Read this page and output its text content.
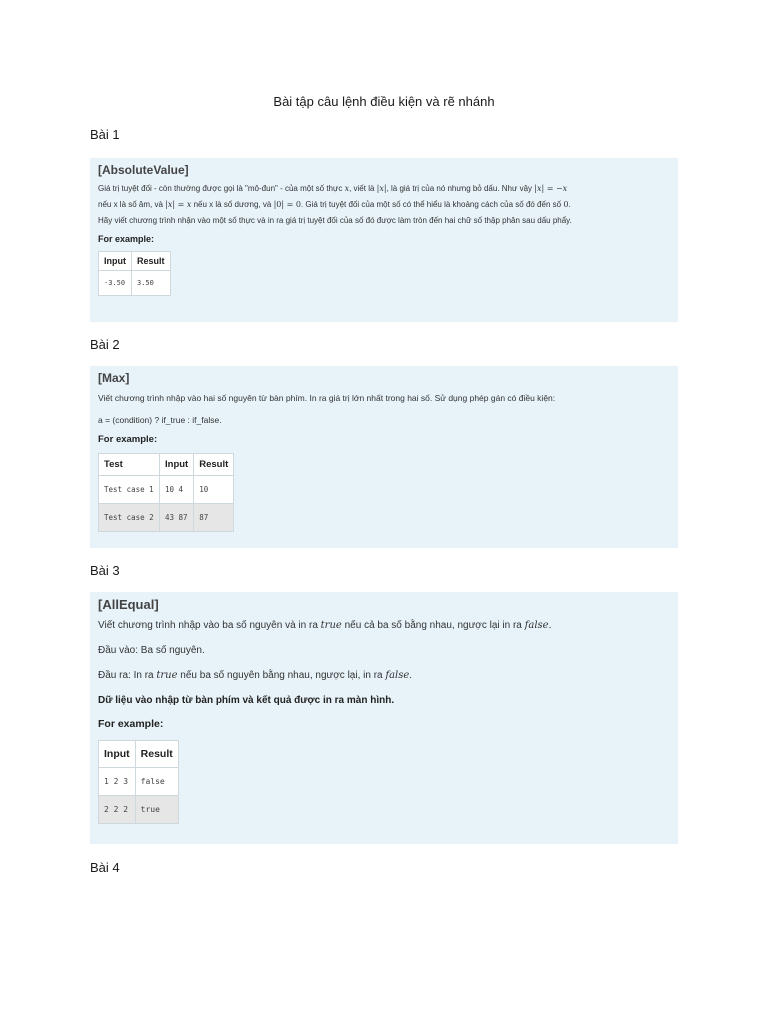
Bài tập câu lệnh điều kiện và rẽ nhánh
Bài 1
[AbsoluteValue]

Giá trị tuyệt đối - còn thường được gọi là "mô-đun" - của một số thực x, viết là |x|, là giá trị của nó nhưng bỏ dấu. Như vậy |x| = −x

nếu x là số âm, và |x| = x nếu x là số dương, và |0| = 0. Giá trị tuyệt đối của một số có thể hiểu là khoảng cách của số đó đến số 0.

Hãy viết chương trình nhận vào một số thực và in ra giá trị tuyệt đối của số đó được làm tròn đến hai chữ số thập phân sau dấu phẩy.

For example:
Input	Result
-3.50	3.50
Bài 2
[Max]

Viết chương trình nhập vào hai số nguyên từ bàn phím. In ra giá trị lớn nhất trong hai số. Sử dụng phép gán có điều kiện:

a = (condition) ? if_true : if_false.

For example:
Test	Input	Result
Test case 1	10 4	10
Test case 2	43 87	87
Bài 3
[AllEqual]

Viết chương trình nhập vào ba số nguyên và in ra true nếu cả ba số bằng nhau, ngược lại in ra false.

Đầu vào: Ba số nguyên.

Đầu ra: In ra true nếu ba số nguyên bằng nhau, ngược lại, in ra false.

Dữ liệu vào nhập từ bàn phím và kết quả được in ra màn hình.

For example:
Input	Result
1 2 3	false
2 2 2	true
Bài 4
